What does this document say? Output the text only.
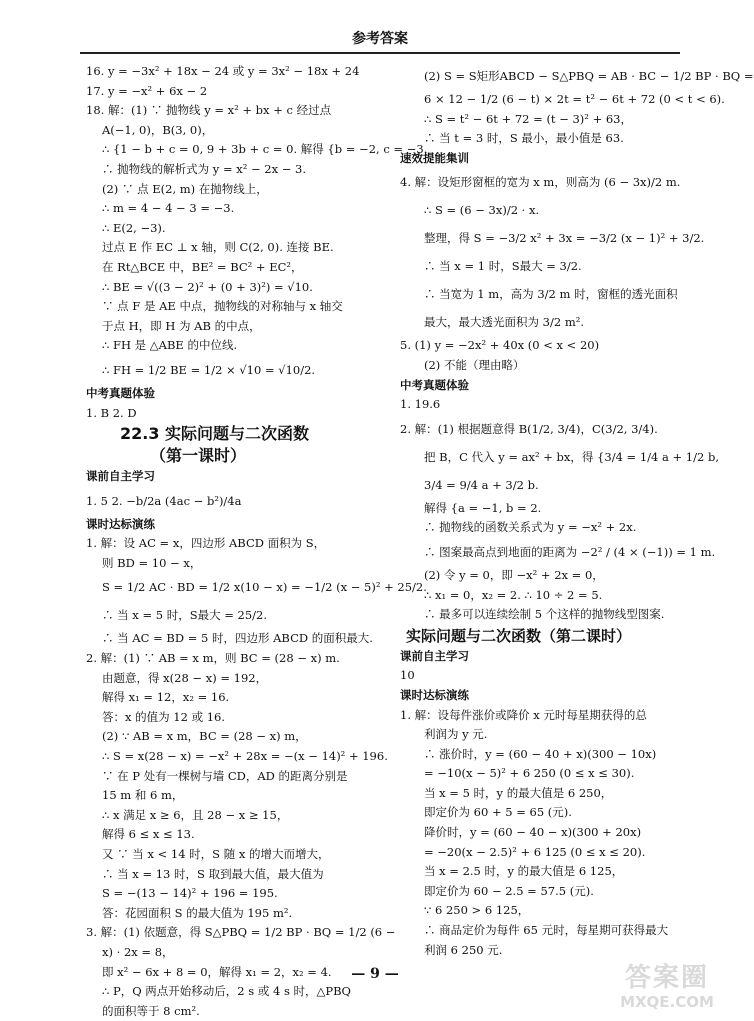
参考答案
16. y = −3x² + 18x − 24 或 y = 3x² − 18x + 24
17. y = −x² + 6x − 2
18. 解：(1) ∵ 抛物线 y = x² + bx + c 经过点
A(−1, 0)，B(3, 0)，
∴ {1 − b + c = 0, 9 + 3b + c = 0. 解得 {b = −2, c = −3.
∴ 抛物线的解析式为 y = x² − 2x − 3.
(2) ∵ 点 E(2, m) 在抛物线上，
∴ m = 4 − 4 − 3 = −3.
∴ E(2, −3).
过点 E 作 EC ⊥ x 轴，则 C(2, 0). 连接 BE.
在 Rt△BCE 中，BE² = BC² + EC²，
∴ BE = √((3 − 2)² + (0 + 3)²) = √10.
∵ 点 F 是 AE 中点，抛物线的对称轴与 x 轴交
于点 H，即 H 为 AB 的中点，
∴ FH 是 △ABE 的中位线.
∴ FH = 1/2 BE = 1/2 × √10 = √10/2.
中考真题体验
1. B 2. D
22.3 实际问题与二次函数
（第一课时）
课前自主学习
1. 5 2. −b/2a (4ac − b²)/4a
课时达标演练
1. 解：设 AC = x，四边形 ABCD 面积为 S，
则 BD = 10 − x，
S = 1/2 AC · BD = 1/2 x(10 − x) = −1/2 (x − 5)² + 25/2.
∴ 当 x = 5 时，S最大 = 25/2.
∴ 当 AC = BD = 5 时，四边形 ABCD 的面积最大.
2. 解：(1) ∵ AB = x m，则 BC = (28 − x) m.
由题意，得 x(28 − x) = 192，
解得 x₁ = 12，x₂ = 16.
答：x 的值为 12 或 16.
(2) ∵ AB = x m，BC = (28 − x) m，
∴ S = x(28 − x) = −x² + 28x = −(x − 14)² + 196.
∵ 在 P 处有一棵树与墙 CD，AD 的距离分别是
15 m 和 6 m，
∴ x 满足 x ≥ 6，且 28 − x ≥ 15，
解得 6 ≤ x ≤ 13.
又 ∵ 当 x < 14 时，S 随 x 的增大而增大，
∴ 当 x = 13 时，S 取到最大值，最大值为
S = −(13 − 14)² + 196 = 195.
答：花园面积 S 的最大值为 195 m².
3. 解：(1) 依题意，得 S△PBQ = 1/2 BP · BQ = 1/2 (6 −
x) · 2x = 8，
即 x² − 6x + 8 = 0，解得 x₁ = 2，x₂ = 4.
∴ P，Q 两点开始移动后，2 s 或 4 s 时，△PBQ
的面积等于 8 cm².
(2) S = S矩形ABCD − S△PBQ = AB · BC − 1/2 BP · BQ =
6 × 12 − 1/2 (6 − t) × 2t = t² − 6t + 72 (0 < t < 6).
∴ S = t² − 6t + 72 = (t − 3)² + 63，
∴ 当 t = 3 时，S 最小，最小值是 63.
速效提能集训
4. 解：设矩形窗框的宽为 x m，则高为 (6 − 3x)/2 m.
∴ S = (6 − 3x)/2 · x.
整理，得 S = −3/2 x² + 3x = −3/2 (x − 1)² + 3/2.
∴ 当 x = 1 时，S最大 = 3/2.
∴ 当宽为 1 m，高为 3/2 m 时，窗框的透光面积
最大，最大透光面积为 3/2 m².
5. (1) y = −2x² + 40x (0 < x < 20)
(2) 不能（理由略）
中考真题体验
1. 19.6
2. 解：(1) 根据题意得 B(1/2, 3/4)，C(3/2, 3/4).
把 B，C 代入 y = ax² + bx，得 {3/4 = 1/4 a + 1/2 b,
3/4 = 9/4 a + 3/2 b.
解得 {a = −1, b = 2.
∴ 抛物线的函数关系式为 y = −x² + 2x.
∴ 图案最高点到地面的距离为 −2² / (4 × (−1)) = 1 m.
(2) 令 y = 0，即 −x² + 2x = 0，
∴ x₁ = 0，x₂ = 2. ∴ 10 ÷ 2 = 5.
∴ 最多可以连续绘制 5 个这样的抛物线型图案.
实际问题与二次函数（第二课时）
课前自主学习
10
课时达标演练
1. 解：设每件涨价或降价 x 元时每星期获得的总
利润为 y 元.
∴ 涨价时，y = (60 − 40 + x)(300 − 10x)
= −10(x − 5)² + 6 250 (0 ≤ x ≤ 30).
当 x = 5 时，y 的最大值是 6 250，
即定价为 60 + 5 = 65 (元).
降价时，y = (60 − 40 − x)(300 + 20x)
= −20(x − 2.5)² + 6 125 (0 ≤ x ≤ 20).
当 x = 2.5 时，y 的最大值是 6 125，
即定价为 60 − 2.5 = 57.5 (元).
∵ 6 250 > 6 125，
∴ 商品定价为每件 65 元时，每星期可获得最大
利润 6 250 元.
— 9 —	答案圈
MXQE.COM
